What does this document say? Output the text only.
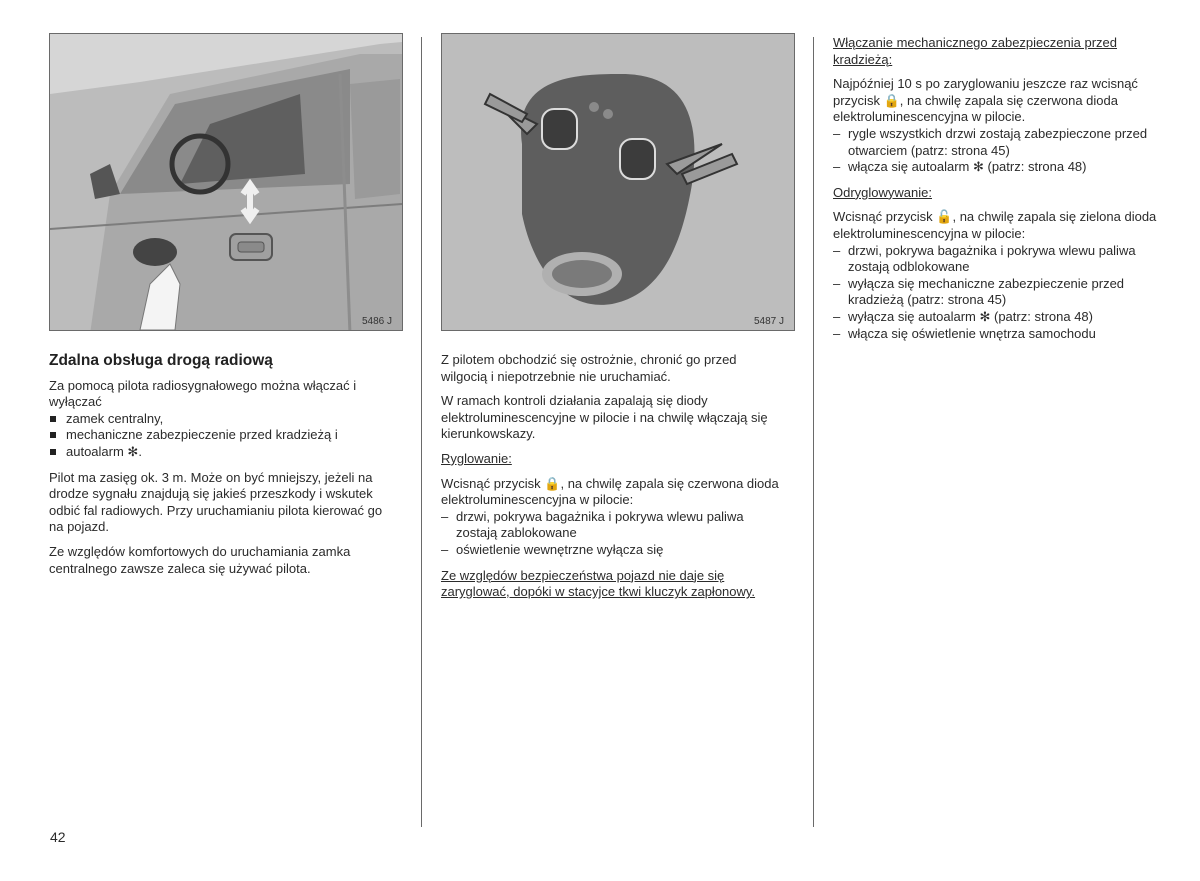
5486 J	5487 J

Zdalna obsługa drogą radiową

Za pomocą pilota radiosygnałowego można włączać i wyłączać

zamek centralny,
mechaniczne zabezpieczenie przed kradzieżą i
autoalarm ✻.

Pilot ma zasięg ok. 3 m. Może on być mniejszy, jeżeli na drodze sygnału znajdują się jakieś przeszkody i wskutek odbić fal radiowych. Przy uruchamianiu pilota kierować go na pojazd.

Ze względów komfortowych do uruchamiania zamka centralnego zawsze zaleca się używać pilota.

Z pilotem obchodzić się ostrożnie, chronić go przed wilgocią i niepotrzebnie nie uruchamiać.

W ramach kontroli działania zapalają się diody elektroluminescencyjne w pilocie i na chwilę włączają się kierunkowskazy.

Ryglowanie:

Wcisnąć przycisk 🔒, na chwilę zapala się czerwona dioda elektroluminescencyjna w pilocie:

– drzwi, pokrywa bagażnika i pokrywa wlewu paliwa zostają zablokowane
– oświetlenie wewnętrzne wyłącza się

Ze względów bezpieczeństwa pojazd nie daje się zaryglować, dopóki w stacyjce tkwi kluczyk zapłonowy.

Włączanie mechanicznego zabezpieczenia przed kradzieżą:

Najpóźniej 10 s po zaryglowaniu jeszcze raz wcisnąć przycisk 🔒, na chwilę zapala się czerwona dioda elektroluminescencyjna w pilocie.

– rygle wszystkich drzwi zostają zabezpieczone przed otwarciem (patrz: strona 45)
– włącza się autoalarm ✻ (patrz: strona 48)

Odryglowywanie:

Wcisnąć przycisk 🔓, na chwilę zapala się zielona dioda elektroluminescencyjna w pilocie:

– drzwi, pokrywa bagażnika i pokrywa wlewu paliwa zostają odblokowane
– wyłącza się mechaniczne zabezpieczenie przed kradzieżą (patrz: strona 45)
– wyłącza się autoalarm ✻ (patrz: strona 48)
– włącza się oświetlenie wnętrza samochodu
42
